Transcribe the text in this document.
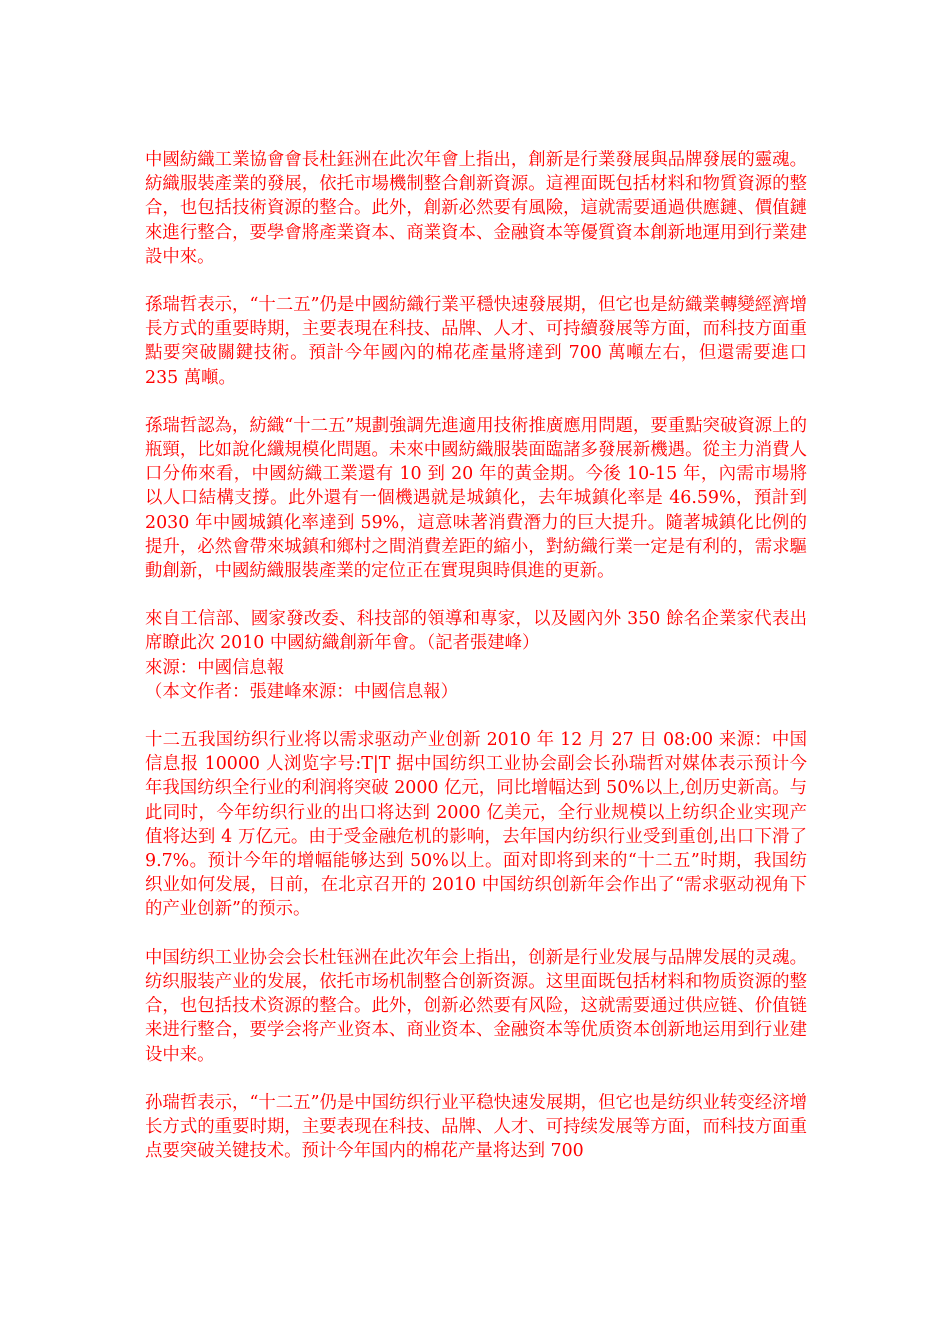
中國紡織工業協會會長杜鈺洲在此次年會上指出，創新是行業發展與品牌發展的靈魂。紡織服裝產業的發展，依托市場機制整合創新資源。這裡面既包括材料和物質資源的整合，也包括技術資源的整合。此外，創新必然要有風險，這就需要通過供應鏈、價值鏈來進行整合，要學會將產業資本、商業資本、金融資本等優質資本創新地運用到行業建設中來。

孫瑞哲表示，“十二五”仍是中國紡織行業平穩快速發展期，但它也是紡織業轉變經濟增長方式的重要時期，主要表現在科技、品牌、人才、可持續發展等方面，而科技方面重點要突破關鍵技術。預計今年國內的棉花產量將達到 700 萬噸左右，但還需要進口 235 萬噸。

孫瑞哲認為，紡織“十二五”規劃強調先進適用技術推廣應用問題，要重點突破資源上的瓶頸，比如說化纖規模化問題。未來中國紡織服裝面臨諸多發展新機遇。從主力消費人口分佈來看，中國紡織工業還有 10 到 20 年的黃金期。今後 10-15 年，內需市場將以人口結構支撐。此外還有一個機遇就是城鎮化，去年城鎮化率是 46.59%，預計到 2030 年中國城鎮化率達到 59%，這意味著消費潛力的巨大提升。隨著城鎮化比例的提升，必然會帶來城鎮和鄉村之間消費差距的縮小，對紡織行業一定是有利的，需求驅動創新，中國紡織服裝產業的定位正在實現與時俱進的更新。

來自工信部、國家發改委、科技部的領導和專家，以及國內外 350 餘名企業家代表出席瞭此次 2010 中國紡織創新年會。（記者張建峰）
來源：中國信息報
（本文作者：張建峰來源：中國信息報）

十二五我国纺织行业将以需求驱动产业创新 2010 年 12 月 27 日 08:00 来源：中国信息报 10000 人浏览字号:T|T 据中国纺织工业协会副会长孙瑞哲对媒体表示预计今年我国纺织全行业的利润将突破 2000 亿元，同比增幅达到 50%以上,创历史新高。与此同时，今年纺织行业的出口将达到 2000 亿美元，全行业规模以上纺织企业实现产值将达到 4 万亿元。由于受金融危机的影响，去年国内纺织行业受到重创,出口下滑了 9.7%。预计今年的增幅能够达到 50%以上。面对即将到来的“十二五”时期，我国纺织业如何发展，日前，在北京召开的 2010 中国纺织创新年会作出了“需求驱动视角下的产业创新”的预示。

中国纺织工业协会会长杜钰洲在此次年会上指出，创新是行业发展与品牌发展的灵魂。纺织服装产业的发展，依托市场机制整合创新资源。这里面既包括材料和物质资源的整合，也包括技术资源的整合。此外，创新必然要有风险，这就需要通过供应链、价值链来进行整合，要学会将产业资本、商业资本、金融资本等优质资本创新地运用到行业建设中来。

孙瑞哲表示，“十二五”仍是中国纺织行业平稳快速发展期，但它也是纺织业转变经济增长方式的重要时期，主要表现在科技、品牌、人才、可持续发展等方面，而科技方面重点要突破关键技术。预计今年国内的棉花产量将达到 700
